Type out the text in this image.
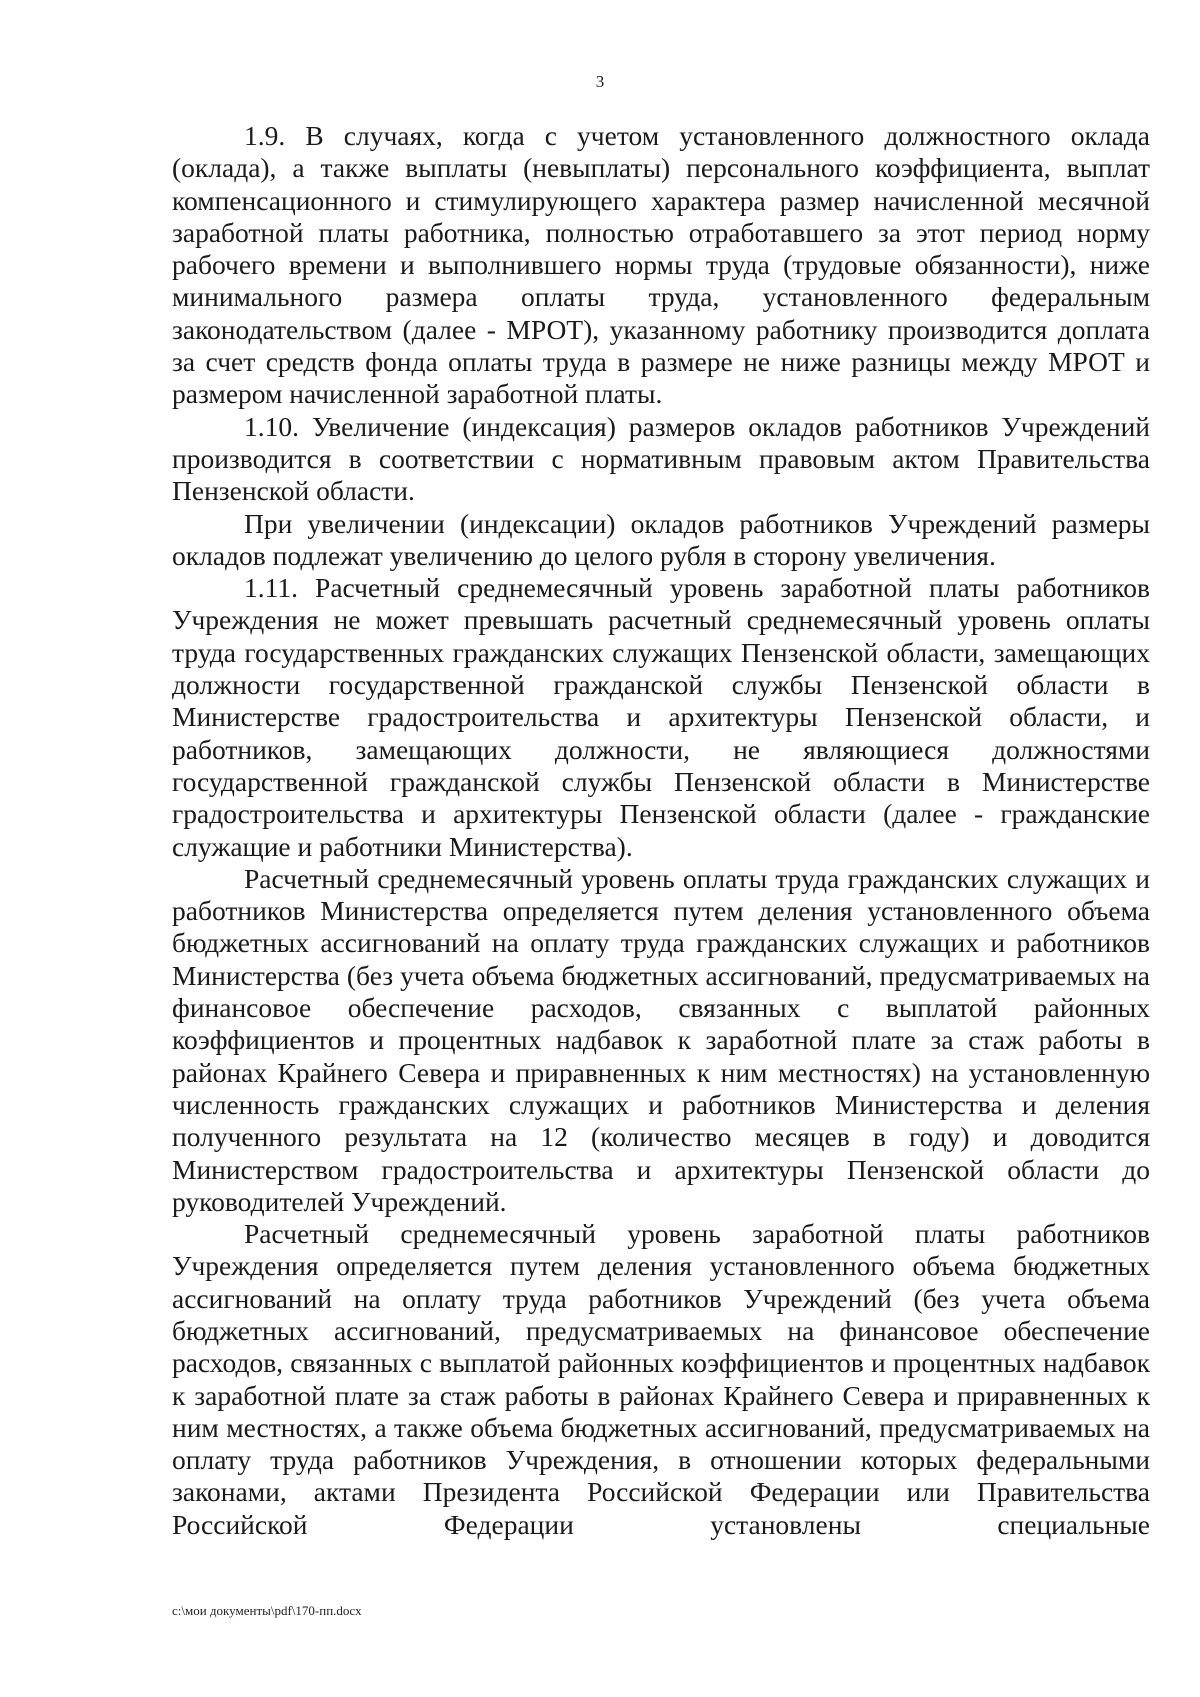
3

1.9. В случаях, когда с учетом установленного должностного оклада (оклада), а также выплаты (невыплаты) персонального коэффициента, выплат компенсационного и стимулирующего характера размер начисленной месячной заработной платы работника, полностью отработавшего за этот период норму рабочего времени и выполнившего нормы труда (трудовые обязанности), ниже минимального размера оплаты труда, установленного федеральным законодательством (далее - МРОТ), указанному работнику производится доплата за счет средств фонда оплаты труда в размере не ниже разницы между МРОТ и размером начисленной заработной платы.

1.10. Увеличение (индексация) размеров окладов работников Учреждений производится в соответствии с нормативным правовым актом Правительства Пензенской области.

При увеличении (индексации) окладов работников Учреждений размеры окладов подлежат увеличению до целого рубля в сторону увеличения.

1.11. Расчетный среднемесячный уровень заработной платы работников Учреждения не может превышать расчетный среднемесячный уровень оплаты труда государственных гражданских служащих Пензенской области, замещающих должности государственной гражданской службы Пензенской области в Министерстве градостроительства и архитектуры Пензенской области, и работников, замещающих должности, не являющиеся должностями государственной гражданской службы Пензенской области в Министерстве градостроительства и архитектуры Пензенской области (далее - гражданские служащие и работники Министерства).

Расчетный среднемесячный уровень оплаты труда гражданских служащих и работников Министерства определяется путем деления установленного объема бюджетных ассигнований на оплату труда гражданских служащих и работников Министерства (без учета объема бюджетных ассигнований, предусматриваемых на финансовое обеспечение расходов, связанных с выплатой районных коэффициентов и процентных надбавок к заработной плате за стаж работы в районах Крайнего Севера и приравненных к ним местностях) на установленную численность гражданских служащих и работников Министерства и деления полученного результата на 12 (количество месяцев в году) и доводится Министерством градостроительства и архитектуры Пензенской области до руководителей Учреждений.

Расчетный среднемесячный уровень заработной платы работников Учреждения определяется путем деления установленного объема бюджетных ассигнований на оплату труда работников Учреждений (без учета объема бюджетных ассигнований, предусматриваемых на финансовое обеспечение расходов, связанных с выплатой районных коэффициентов и процентных надбавок к заработной плате за стаж работы в районах Крайнего Севера и приравненных к ним местностях, а также объема бюджетных ассигнований, предусматриваемых на оплату труда работников Учреждения, в отношении которых федеральными законами, актами Президента Российской Федерации или Правительства Российской Федерации установлены специальные

c:\мои документы\pdf\170-пп.docx
